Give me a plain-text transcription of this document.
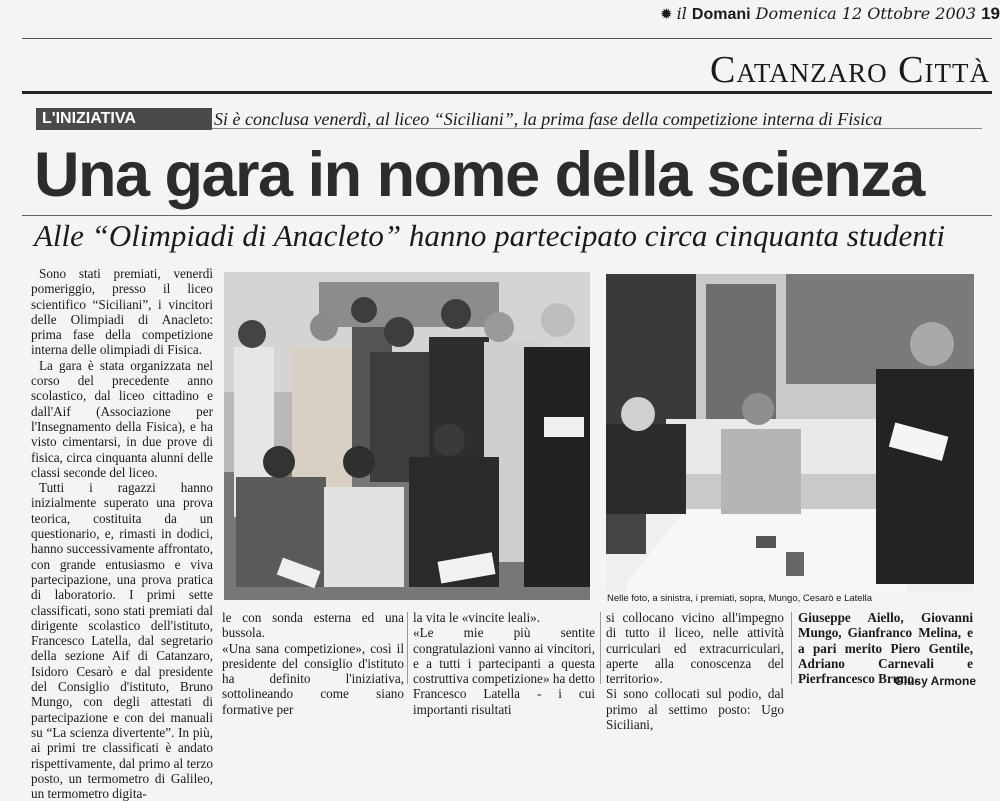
✹ il Domani Domenica 12 Ottobre 2003 19
Catanzaro Città
L'INIZIATIVA	Si è conclusa venerdì, al liceo “Siciliani”, la prima fase della competizione interna di Fisica
Una gara in nome della scienza
Alle “Olimpiadi di Anacleto” hanno partecipato circa cinquanta studenti

Sono stati premiati, venerdì pomeriggio, presso il liceo scientifico “Siciliani”, i vincitori delle Olimpiadi di Anacleto: prima fase della competizione interna delle olimpiadi di Fisica.

La gara è stata organizzata nel corso del precedente anno scolastico, dal liceo cittadino e dall'Aif (Associazione per l'Insegnamento della Fisica), e ha visto cimentarsi, in due prove di fisica, circa cinquanta alunni delle classi seconde del liceo.

Tutti i ragazzi hanno inizialmente superato una prova teorica, costituita da un questionario, e, rimasti in dodici, hanno successivamente affrontato, con grande entusiasmo e viva partecipazione, una prova pratica di laboratorio. I primi sette classificati, sono stati premiati dal dirigente scolastico dell'istituto, Francesco Latella, dal segretario della sezione Aif di Catanzaro, Isidoro Cesarò e dal presidente del Consiglio d'istituto, Bruno Mungo, con degli attestati di partecipazione e con dei manuali su “La scienza divertente”. In più, ai primi tre classificati è andato rispettivamente, dal primo al terzo posto, un termometro di Galileo, un termometro digita-

Nelle foto, a sinistra, i premiati, sopra, Mungo, Cesarò e Latella
le con sonda esterna ed una bussola.
«Una sana competizione», così il presidente del consiglio d'istituto ha definito l'iniziativa, sottolineando come siano formative per
la vita le «vincite leali».
«Le mie più sentite congratulazioni vanno ai vincitori, e a tutti i partecipanti a questa costruttiva competizione» ha detto Francesco Latella - i cui importanti risultati
si collocano vicino all'impegno di tutto il liceo, nelle attività curriculari ed extracurriculari, aperte alla conoscenza del territorio».
Si sono collocati sul podio, dal primo al settimo posto: Ugo Siciliani,
Giuseppe Aiello, Giovanni Mungo, Gianfranco Melina, e a pari merito Piero Gentile, Adriano Carnevali e Pierfrancesco Bruno.
Giusy Armone
